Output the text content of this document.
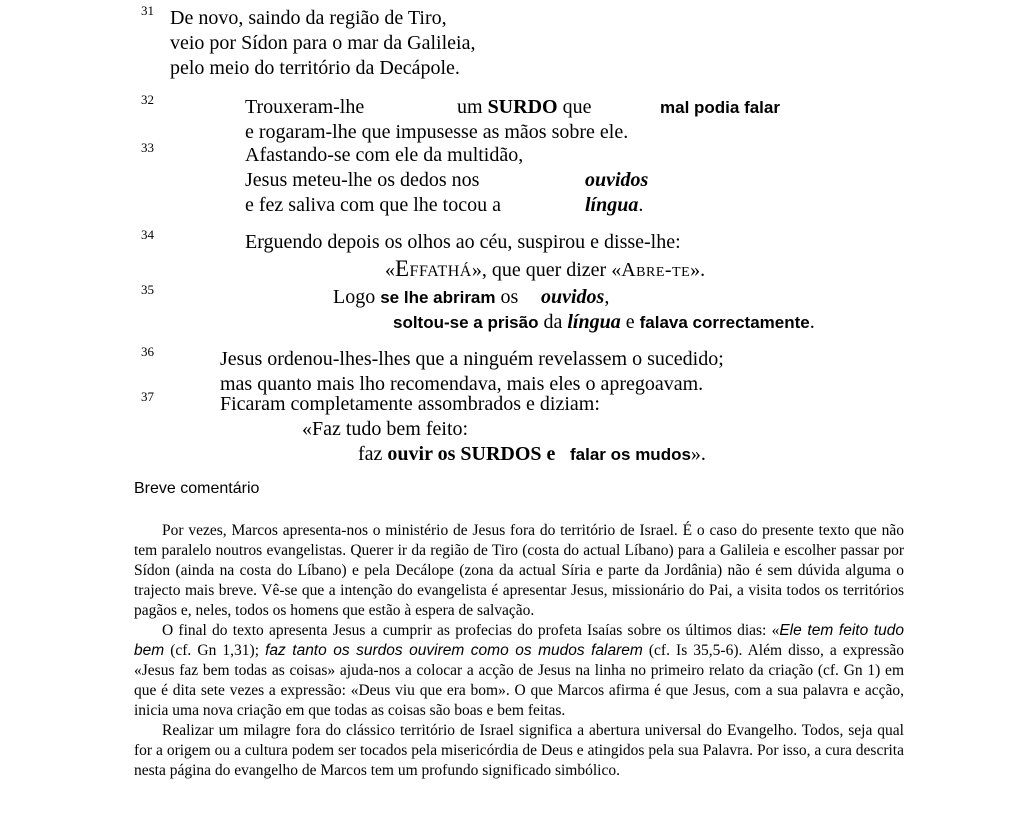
31 De novo, saindo da região de Tiro,
veio por Sídon para o mar da Galileia,
pelo meio do território da Decápole.
32	Trouxeram-lhe	um SURDO que	mal podia falar
e rogaram-lhe que impusesse as mãos sobre ele.
33	Afastando-se com ele da multidão,
Jesus meteu-lhe os dedos nos	ouvidos
e fez saliva com que lhe tocou a	língua.
34	Erguendo depois os olhos ao céu, suspirou e disse-lhe:
«Effathá», que quer dizer «Abre-te».
35	Logo se lhe abriram os ouvidos,
soltou-se a prisão da língua e falava correctamente.
36	Jesus ordenou-lhes-lhes que a ninguém revelassem o sucedido;
mas quanto mais lho recomendava, mais eles o apregoavam.
37	Ficaram completamente assombrados e diziam:
«Faz tudo bem feito:
faz ouvir os SURDOS e falar os mudos».
Breve comentário

Por vezes, Marcos apresenta-nos o ministério de Jesus fora do território de Israel. É o caso do presente texto que não tem paralelo noutros evangelistas. Querer ir da região de Tiro (costa do actual Líbano) para a Galileia e escolher passar por Sídon (ainda na costa do Líbano) e pela Decálope (zona da actual Síria e parte da Jordânia) não é sem dúvida alguma o trajecto mais breve. Vê-se que a intenção do evangelista é apresentar Jesus, missionário do Pai, a visita todos os territórios pagãos e, neles, todos os homens que estão à espera de salvação.

O final do texto apresenta Jesus a cumprir as profecias do profeta Isaías sobre os últimos dias: «Ele tem feito tudo bem (cf. Gn 1,31); faz tanto os surdos ouvirem como os mudos falarem (cf. Is 35,5-6). Além disso, a expressão «Jesus faz bem todas as coisas» ajuda-nos a colocar a acção de Jesus na linha no primeiro relato da criação (cf. Gn 1) em que é dita sete vezes a expressão: «Deus viu que era bom». O que Marcos afirma é que Jesus, com a sua palavra e acção, inicia uma nova criação em que todas as coisas são boas e bem feitas.

Realizar um milagre fora do clássico território de Israel significa a abertura universal do Evangelho. Todos, seja qual for a origem ou a cultura podem ser tocados pela misericórdia de Deus e atingidos pela sua Palavra. Por isso, a cura descrita nesta página do evangelho de Marcos tem um profundo significado simbólico.
